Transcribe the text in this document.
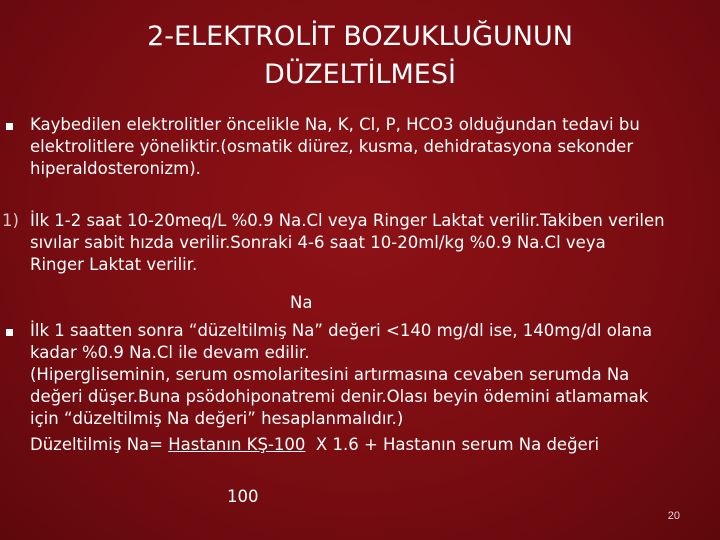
2-ELEKTROLİT BOZUKLUĞUNUN
DÜZELTİLMESİ
Kaybedilen elektrolitler öncelikle Na, K, Cl, P, HCO3 olduğundan tedavi bu
elektrolitlere yöneliktir.(osmatik diürez, kusma, dehidratasyona sekonder
hiperaldosteronizm).
1) İlk 1-2 saat 10-20meq/L %0.9 Na.Cl veya Ringer Laktat verilir.Takiben verilen
sıvılar sabit hızda verilir.Sonraki 4-6 saat 10-20ml/kg %0.9 Na.Cl veya
Ringer Laktat verilir.
Na
İlk 1 saatten sonra “düzeltilmiş Na” değeri <140 mg/dl ise, 140mg/dl olana
kadar %0.9 Na.Cl ile devam edilir.
(Hipergliseminin, serum osmolaritesini artırmasına cevaben serumda Na
değeri düşer.Buna psödohiponatremi denir.Olası beyin ödemini atlamamak
için “düzeltilmiş Na değeri” hesaplanmalıdır.)
Düzeltilmiş Na= Hastanın KŞ-100  X 1.6 + Hastanın serum Na değeri
100
20
